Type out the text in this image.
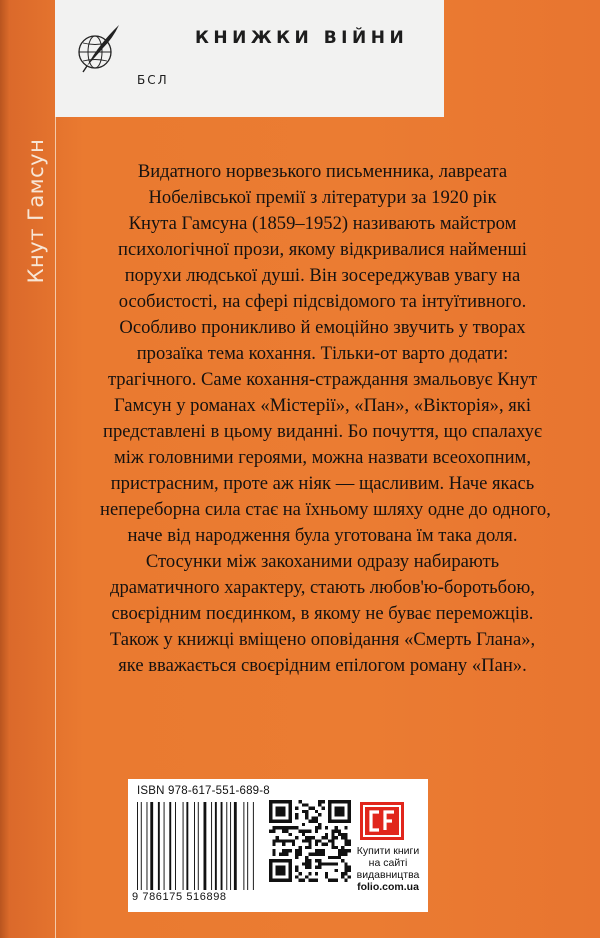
КНИЖКИ ВІЙНИ
БСЛ
Кнут Гамсун	Видатного норвезького письменника, лавреата

Нобелівської премії з літератури за 1920 рік

Кнута Гамсуна (1859–1952) називають майстром

психологічної прози, якому відкривалися найменші

порухи людської душі. Він зосереджував увагу на

особистості, на сфері підсвідомого та інтуїтивного.

Особливо проникливо й емоційно звучить у творах

прозаїка тема кохання. Тільки-от варто додати:

трагічного. Саме кохання-страждання змальовує Кнут

Гамсун у романах «Містерії», «Пан», «Вікторія», які

представлені в цьому виданні. Бо почуття, що спалахує

між головними героями, можна назвати всеохопним,

пристрасним, проте аж ніяк — щасливим. Наче якась

непереборна сила стає на їхньому шляху одне до одного,

наче від народження була уготована їм така доля.

Стосунки між закоханими одразу набирають

драматичного характеру, стають любов'ю-боротьбою,

своєрідним поєдинком, в якому не буває переможців.

Також у книжці вміщено оповідання «Смерть Глана»,

яке вважається своєрідним епілогом роману «Пан».

ISBN 978-617-551-689-8
9 786175 516898
Купити книги
на сайті
видавництва
folio.com.ua
